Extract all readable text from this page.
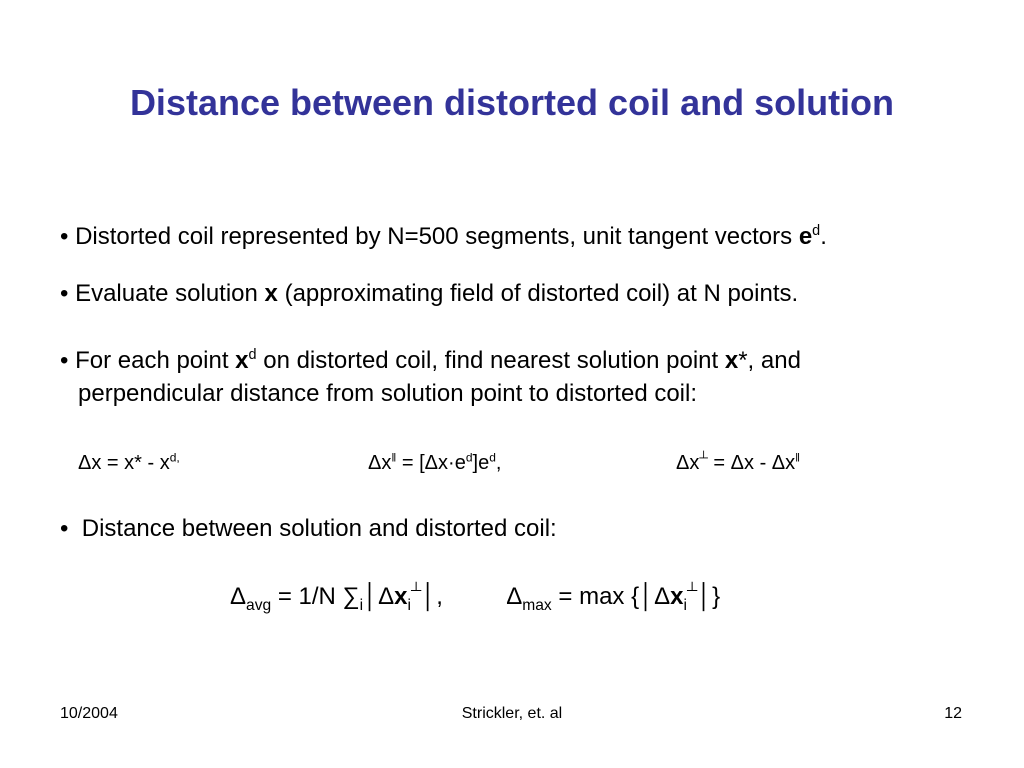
Distance between distorted coil and solution
• Distorted coil represented by N=500 segments, unit tangent vectors $e^d$.
• Evaluate solution x (approximating field of distorted coil) at N points.
• For each point $x^d$ on distorted coil, find nearest solution point x*, and
perpendicular distance from solution point to distorted coil:
$\Delta x = x* - x^{d,}$	$\Delta x^‖ = [\Delta x\cdot e^d]e^d$,	Δx┴ = Δx - Δx‖
• Distance between solution and distorted coil:
$\Delta_{avg} = 1/N$ $\sum_i│\Delta x_i^┴│$,	$\Delta_{max} = \max$ $\{│\Delta x_i^┴│\}$
10/2004	Strickler, et. al	12
